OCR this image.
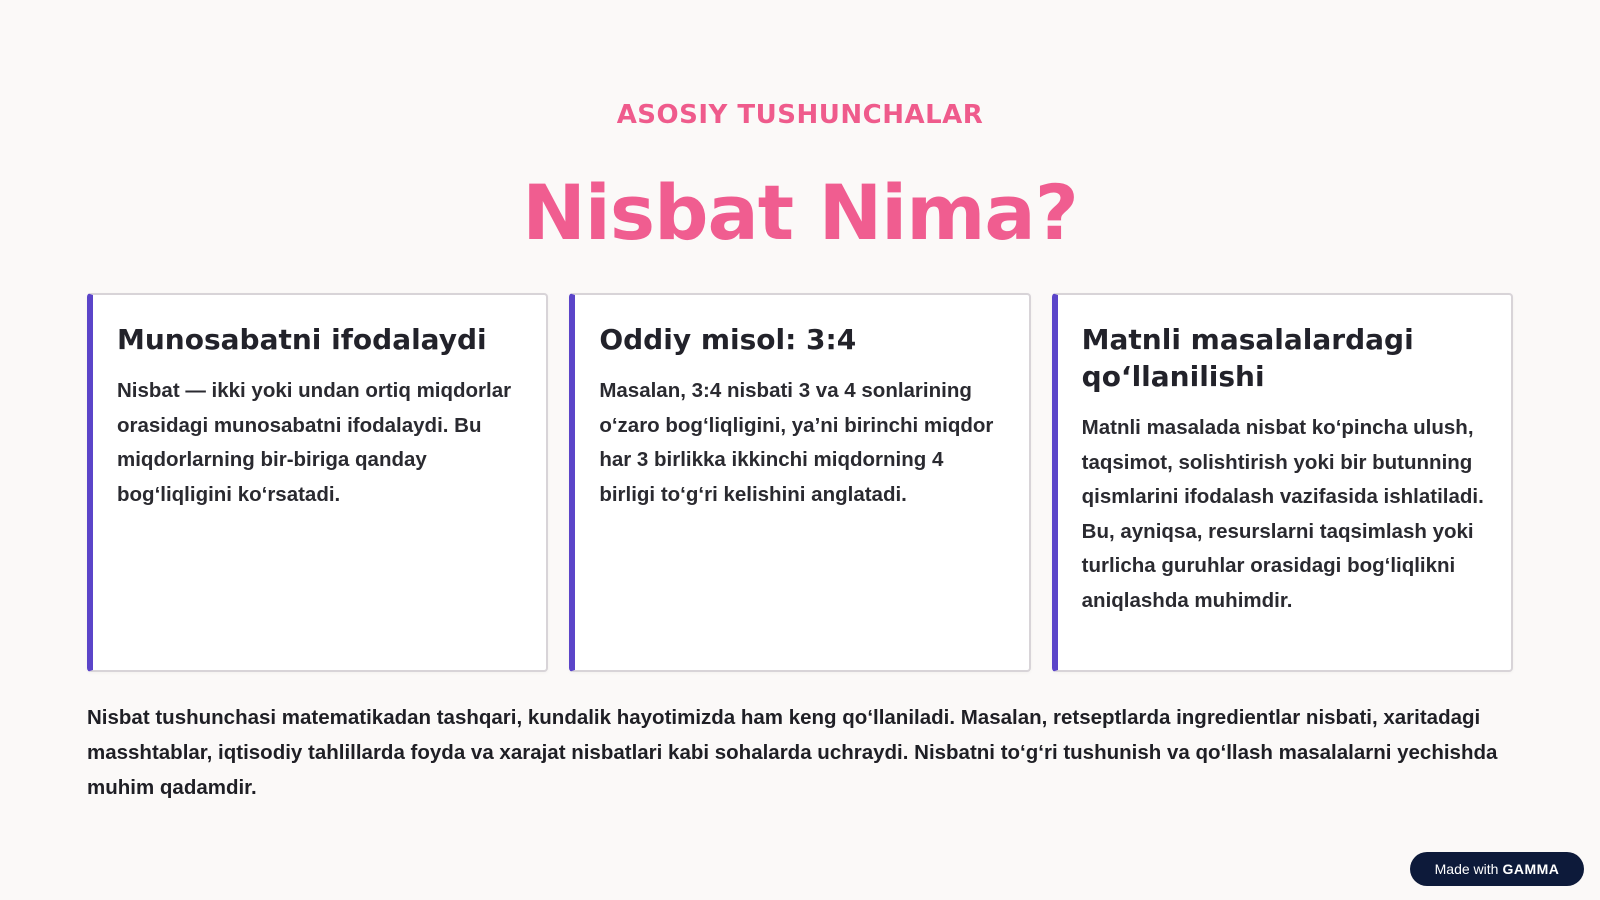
ASOSIY TUSHUNCHALAR
Nisbat Nima?
Munosabatni ifodalaydi

Nisbat — ikki yoki undan ortiq miqdorlar orasidagi munosabatni ifodalaydi. Bu miqdorlarning bir-biriga qanday bog‘liqligini ko‘rsatadi.

Oddiy misol: 3:4

Masalan, 3:4 nisbati 3 va 4 sonlarining o‘zaro bog‘liqligini, ya’ni birinchi miqdor har 3 birlikka ikkinchi miqdorning 4 birligi to‘g‘ri kelishini anglatadi.

Matnli masalalardagi qo‘llanilishi

Matnli masalada nisbat ko‘pincha ulush, taqsimot, solishtirish yoki bir butunning qismlarini ifodalash vazifasida ishlatiladi. Bu, ayniqsa, resurslarni taqsimlash yoki turlicha guruhlar orasidagi bog‘liqlikni aniqlashda muhimdir.

Nisbat tushunchasi matematikadan tashqari, kundalik hayotimizda ham keng qo‘llaniladi. Masalan, retseptlarda ingredientlar nisbati, xaritadagi masshtablar, iqtisodiy tahlillarda foyda va xarajat nisbatlari kabi sohalarda uchraydi. Nisbatni to‘g‘ri tushunish va qo‘llash masalalarni yechishda muhim qadamdir.

Made with GAMMA
